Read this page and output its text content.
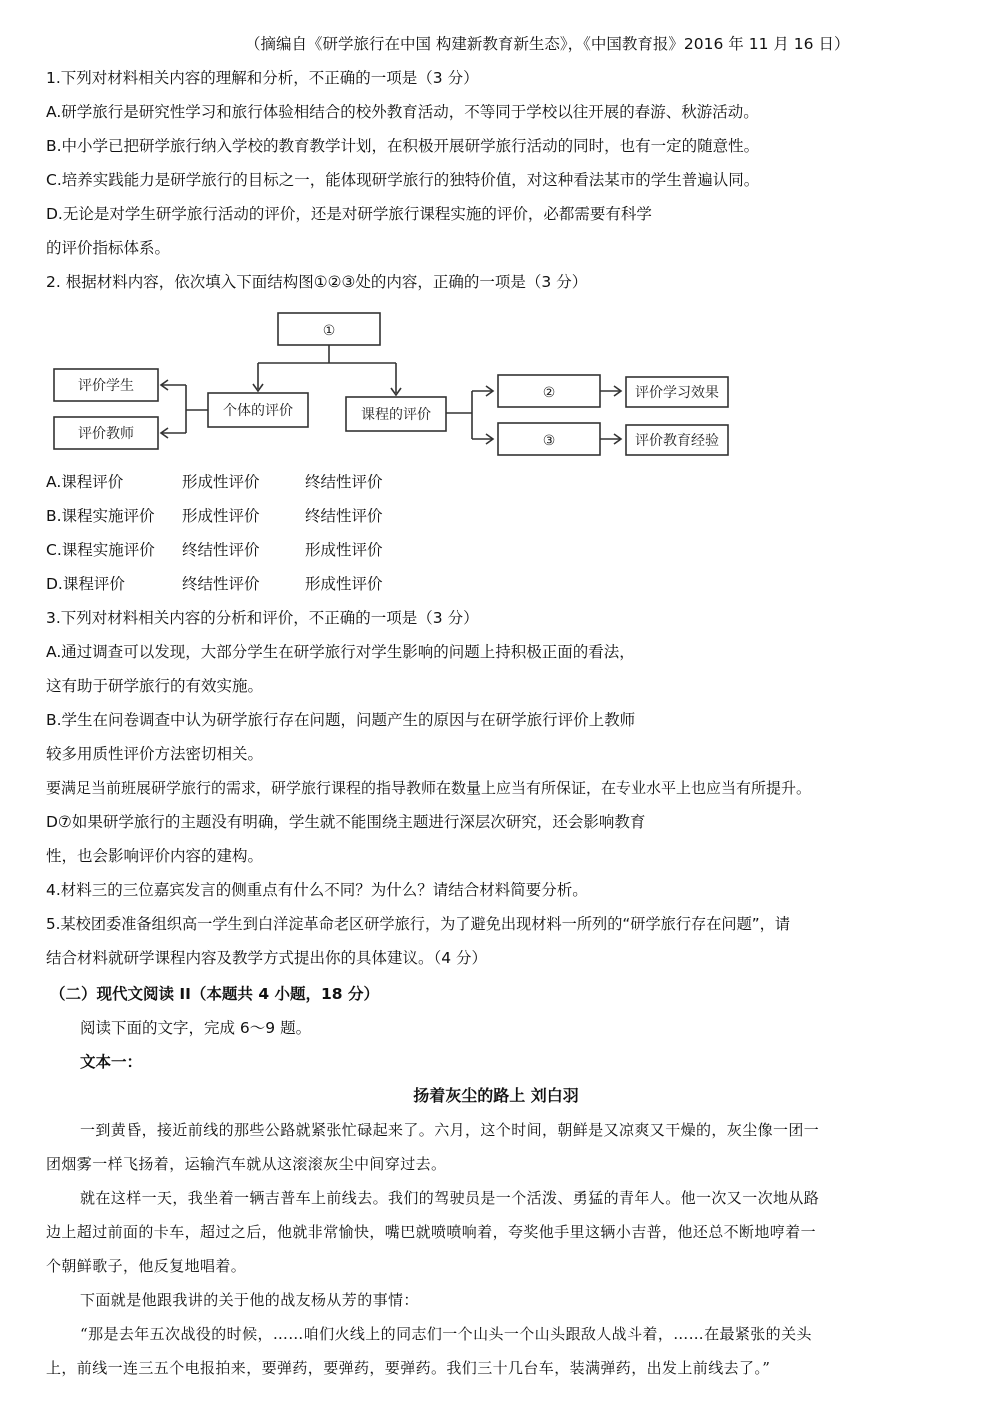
（摘编自《研学旅行在中国 构建新教育新生态》，《中国教育报》2016 年 11 月 16 日）
1.下列对材料相关内容的理解和分析，不正确的一项是（3 分）
A.研学旅行是研究性学习和旅行体验相结合的校外教育活动，不等同于学校以往开展的春游、秋游活动。
B.中小学已把研学旅行纳入学校的教育教学计划，在积极开展研学旅行活动的同时，也有一定的随意性。
C.培养实践能力是研学旅行的目标之一，能体现研学旅行的独特价值，对这种看法某市的学生普遍认同。
D.无论是对学生研学旅行活动的评价，还是对研学旅行课程实施的评价，必都需要有科学
的评价指标体系。
2. 根据材料内容，依次填入下面结构图①②③处的内容，正确的一项是（3 分）
①
个体的评价	课程的评价
评价学生
评价教师
②
③
评价学习效果
评价教育经验
A.课程评价	形成性评价	终结性评价
B.课程实施评价 形成性评价	终结性评价
C.课程实施评价 终结性评价	形成性评价
D.课程评价	终结性评价	形成性评价
3.下列对材料相关内容的分析和评价，不正确的一项是（3 分）
A.通过调查可以发现，大部分学生在研学旅行对学生影响的问题上持积极正面的看法，
这有助于研学旅行的有效实施。
B.学生在问卷调查中认为研学旅行存在问题，问题产生的原因与在研学旅行评价上教师
较多用质性评价方法密切相关。
要满足当前班展研学旅行的需求，研学旅行课程的指导教师在数量上应当有所保证，在专业水平上也应当有所提升。
D⑦如果研学旅行的主题没有明确，学生就不能围绕主题进行深层次研究，还会影响教育
性，也会影响评价内容的建构。
4.材料三的三位嘉宾发言的侧重点有什么不同？为什么？请结合材料简要分析。
5.某校团委准备组织高一学生到白洋淀革命老区研学旅行，为了避免出现材料一所列的“研学旅行存在问题”，请
结合材料就研学课程内容及教学方式提出你的具体建议。（4 分）
（二）现代文阅读 II（本题共 4 小题，18 分）
阅读下面的文字，完成 6～9 题。
文本一：
扬着灰尘的路上 刘白羽
一到黄昏，接近前线的那些公路就紧张忙碌起来了。六月，这个时间，朝鲜是又凉爽又干燥的，灰尘像一团一
团烟雾一样飞扬着，运输汽车就从这滚滚灰尘中间穿过去。
就在这样一天，我坐着一辆吉普车上前线去。我们的驾驶员是一个活泼、勇猛的青年人。他一次又一次地从路
边上超过前面的卡车，超过之后，他就非常愉快，嘴巴就喷喷响着，夸奖他手里这辆小吉普，他还总不断地哼着一
个朝鲜歌子，他反复地唱着。
下面就是他跟我讲的关于他的战友杨从芳的事情：
“那是去年五次战役的时候，……咱们火线上的同志们一个山头一个山头跟敌人战斗着，……在最紧张的关头
上，前线一连三五个电报拍来，要弹药，要弹药，要弹药。我们三十几台车，装满弹药，出发上前线去了。”
